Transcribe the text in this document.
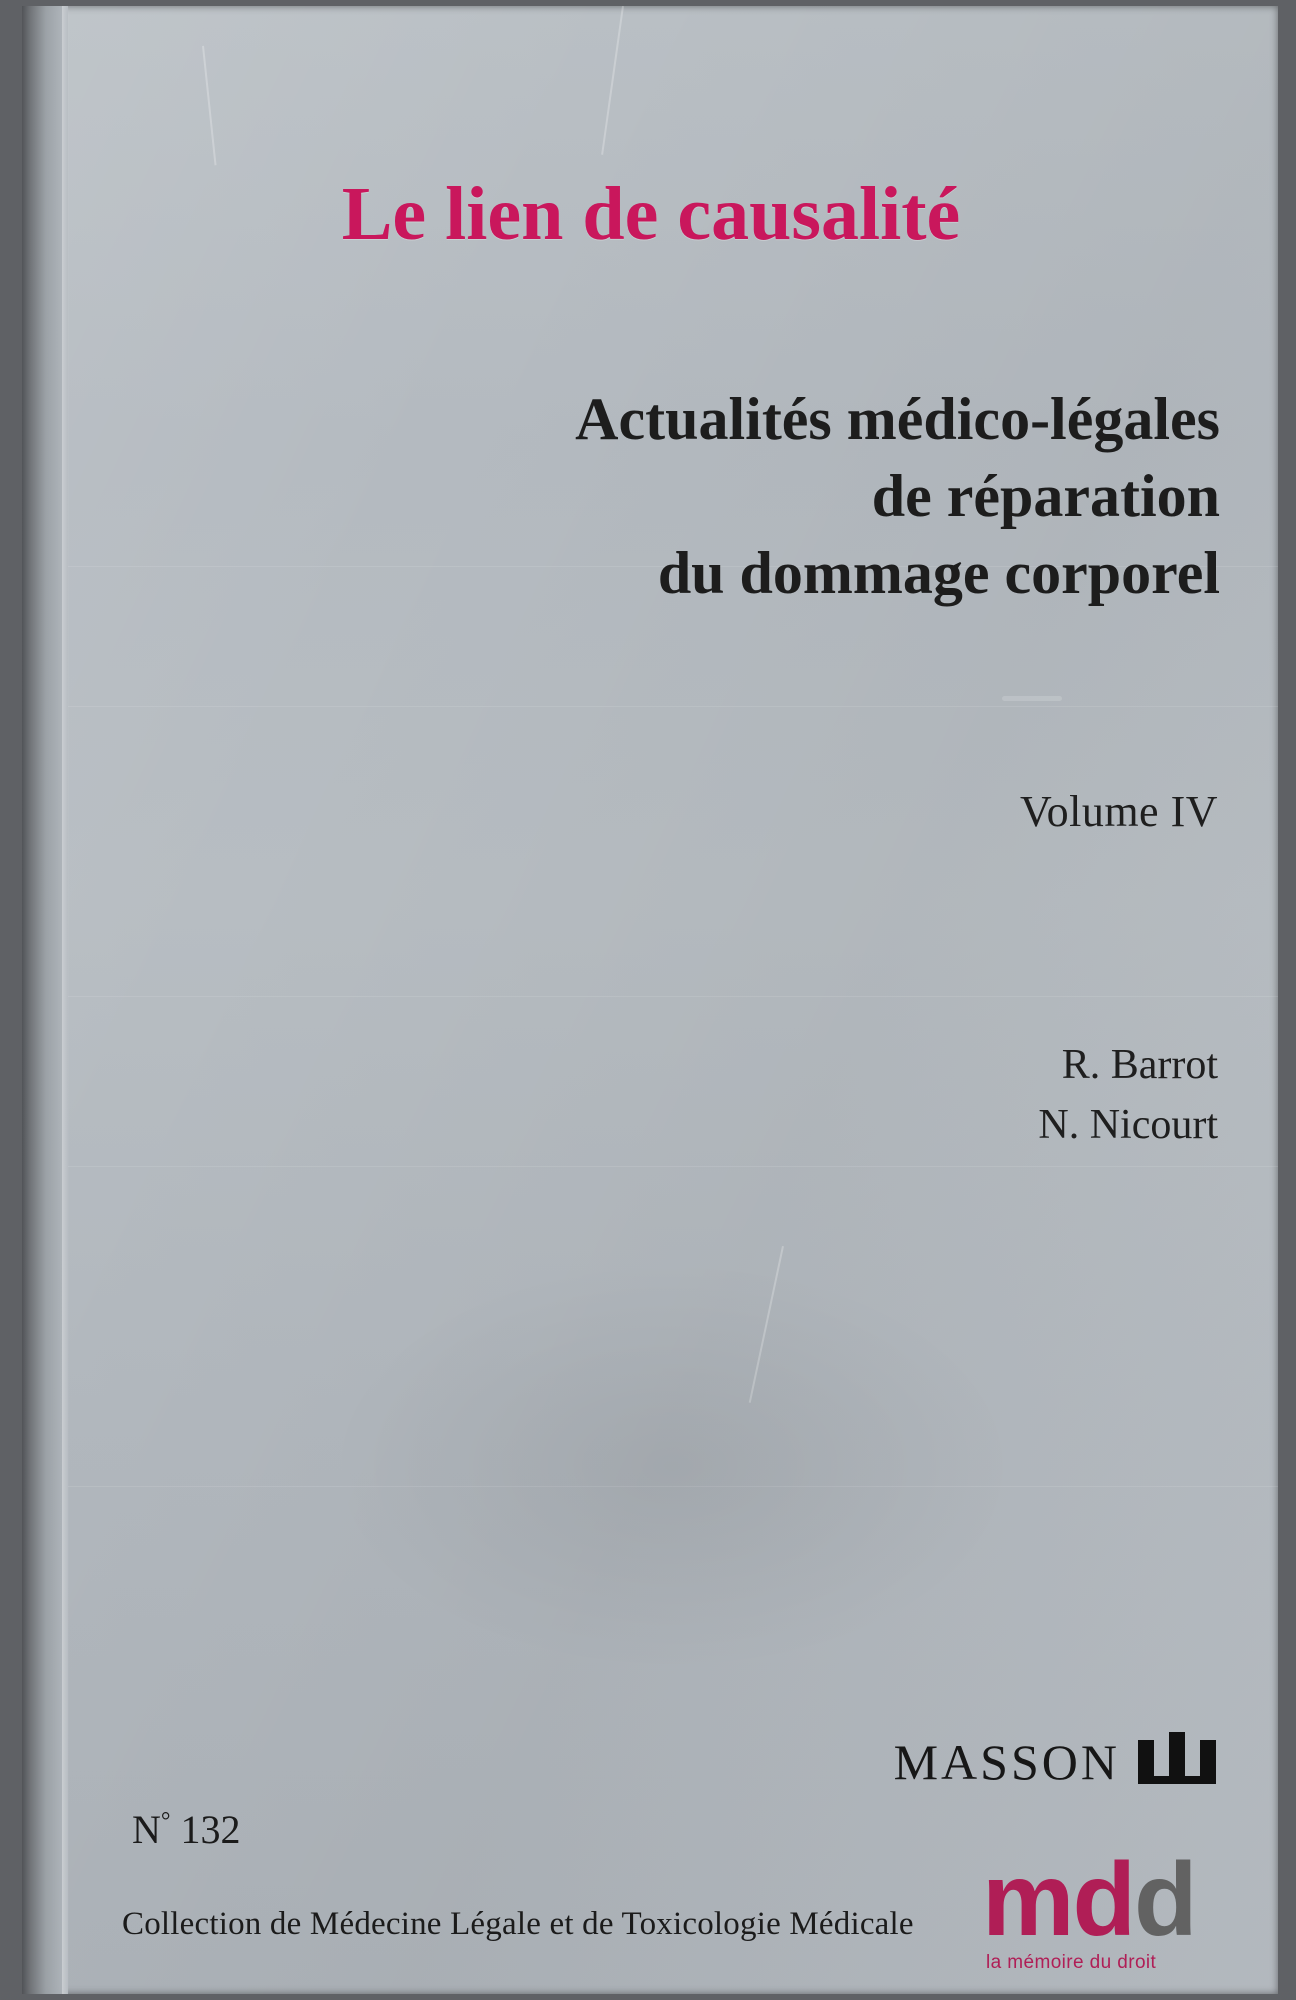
Le lien de causalité
Actualités médico-légales
de réparation
du dommage corporel
Volume IV
R. Barrot
N. Nicourt
MASSON
N° 132
Collection de Médecine Légale et de Toxicologie Médicale mdd
la mémoire du droit
